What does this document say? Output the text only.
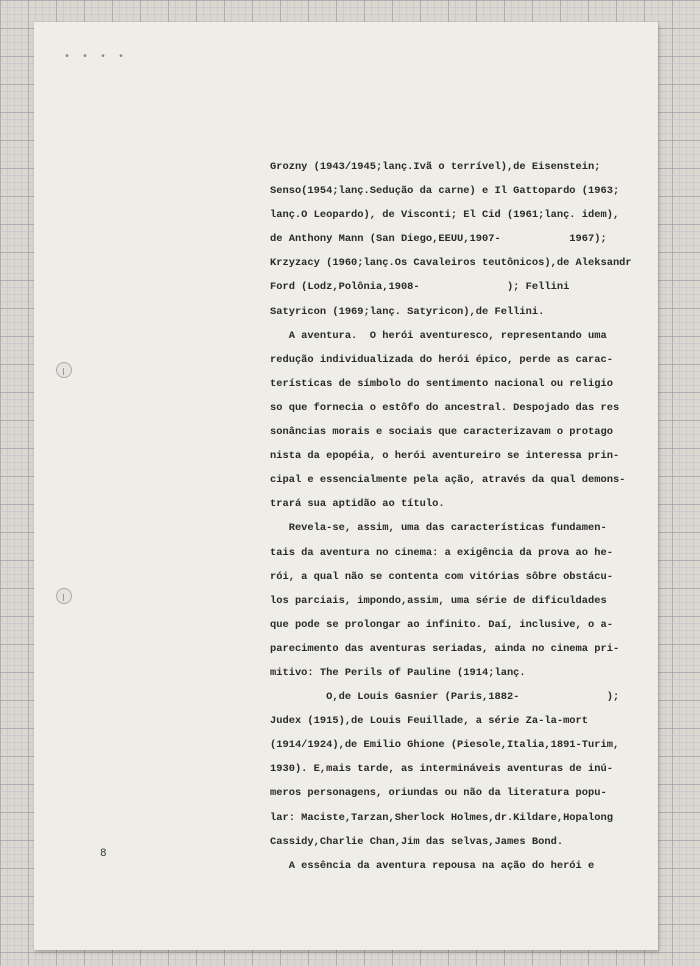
• • • •
Grozny (1943/1945;lanç.Ivã o terrível),de Eisenstein;
Senso(1954;lanç.Sedução da carne) e Il Gattopardo (1963;
lanç.O Leopardo), de Visconti; El Cid (1961;lanç. idem),
de Anthony Mann (San Diego,EEUU,1907-           1967);
Krzyzacy (1960;lanç.Os Cavaleiros teutônicos),de Aleksandr
Ford (Lodz,Polônia,1908-              ); Fellini
Satyricon (1969;lanç. Satyricon),de Fellini.
A aventura.  O herói aventuresco, representando uma
redução individualizada do herói épico, perde as carac-
terísticas de símbolo do sentimento nacional ou religio
so que fornecia o estôfo do ancestral. Despojado das res
sonâncias morais e sociais que caracterizavam o protago
nista da epopéia, o herói aventureiro se interessa prin-
cipal e essencialmente pela ação, através da qual demons-
trará sua aptidão ao título.
Revela-se, assim, uma das características fundamen-
tais da aventura no cinema: a exigência da prova ao he-
rói, a qual não se contenta com vitórias sôbre obstácu-
los parciais, impondo,assim, uma série de dificuldades
que pode se prolongar ao infinito. Daí, inclusive, o a-
parecimento das aventuras seriadas, ainda no cinema pri-
mitivo: The Perils of Pauline (1914;lanç.
O,de Louis Gasnier (Paris,1882-              );
Judex (1915),de Louis Feuillade, a série Za-la-mort
(1914/1924),de Emilio Ghione (Piesole,Italia,1891-Turim,
1930). E,mais tarde, as intermináveis aventuras de inú-
meros personagens, oriundas ou não da literatura popu-
lar: Maciste,Tarzan,Sherlock Holmes,dr.Kildare,Hopalong
Cassidy,Charlie Chan,Jim das selvas,James Bond.
A essência da aventura repousa na ação do herói e
8
